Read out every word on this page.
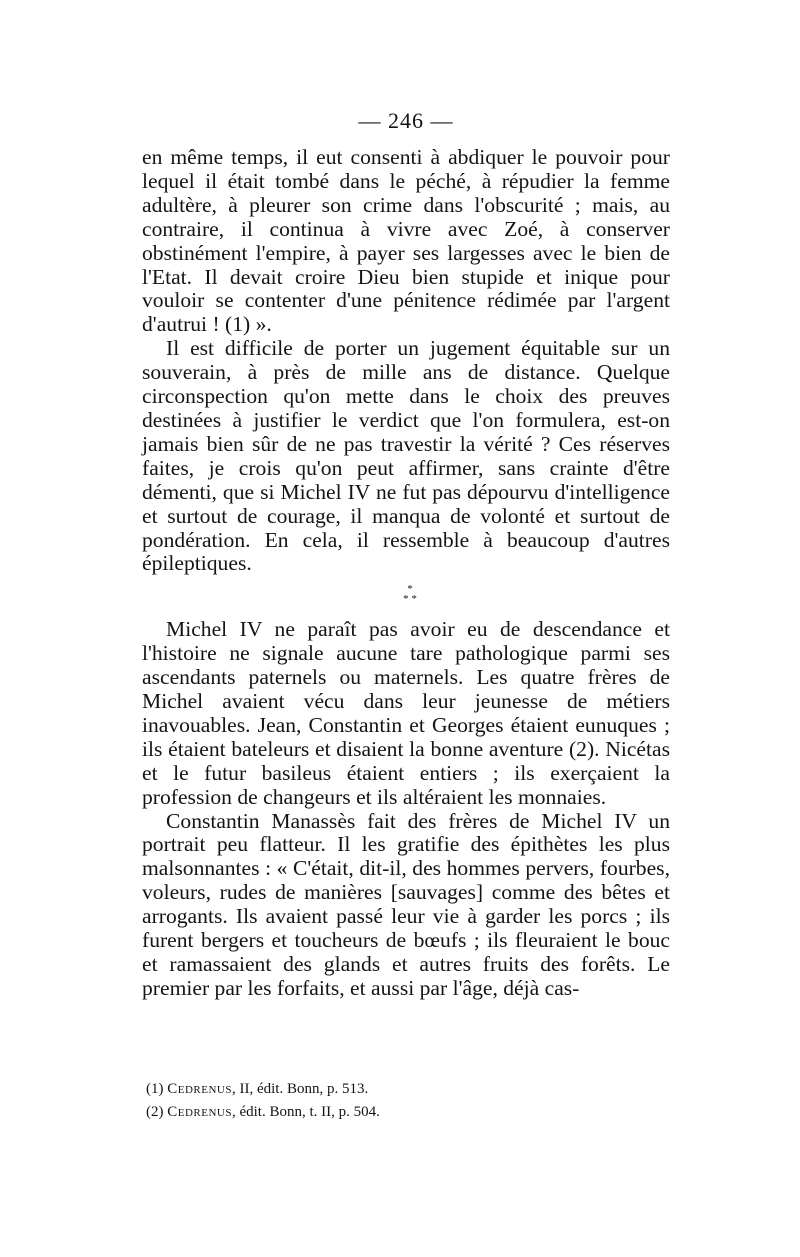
— 246 —

en même temps, il eut consenti à abdiquer le pouvoir pour lequel il était tombé dans le péché, à répudier la femme adultère, à pleurer son crime dans l'obscurité ; mais, au contraire, il continua à vivre avec Zoé, à conserver obstinément l'empire, à payer ses largesses avec le bien de l'Etat. Il devait croire Dieu bien stupide et inique pour vouloir se contenter d'une pénitence rédimée par l'argent d'autrui ! (1) ».

Il est difficile de porter un jugement équitable sur un souverain, à près de mille ans de distance. Quelque circonspection qu'on mette dans le choix des preuves destinées à justifier le verdict que l'on formulera, est-on jamais bien sûr de ne pas travestir la vérité ? Ces réserves faites, je crois qu'on peut affirmer, sans crainte d'être démenti, que si Michel IV ne fut pas dépourvu d'intelligence et surtout de courage, il manqua de volonté et surtout de pondération. En cela, il ressemble à beaucoup d'autres épileptiques.

*
* *

Michel IV ne paraît pas avoir eu de descendance et l'histoire ne signale aucune tare pathologique parmi ses ascendants paternels ou maternels. Les quatre frères de Michel avaient vécu dans leur jeunesse de métiers inavouables. Jean, Constantin et Georges étaient eunuques ; ils étaient bateleurs et disaient la bonne aventure (2). Nicétas et le futur basileus étaient entiers ; ils exerçaient la profession de changeurs et ils altéraient les monnaies.

Constantin Manassès fait des frères de Michel IV un portrait peu flatteur. Il les gratifie des épithètes les plus malsonnantes : « C'était, dit-il, des hommes pervers, fourbes, voleurs, rudes de manières [sauvages] comme des bêtes et arrogants. Ils avaient passé leur vie à garder les porcs ; ils furent bergers et toucheurs de bœufs ; ils fleuraient le bouc et ramassaient des glands et autres fruits des forêts. Le premier par les forfaits, et aussi par l'âge, déjà cas-

(1) Cedrenus, II, édit. Bonn, p. 513.
(2) Cedrenus, édit. Bonn, t. II, p. 504.
